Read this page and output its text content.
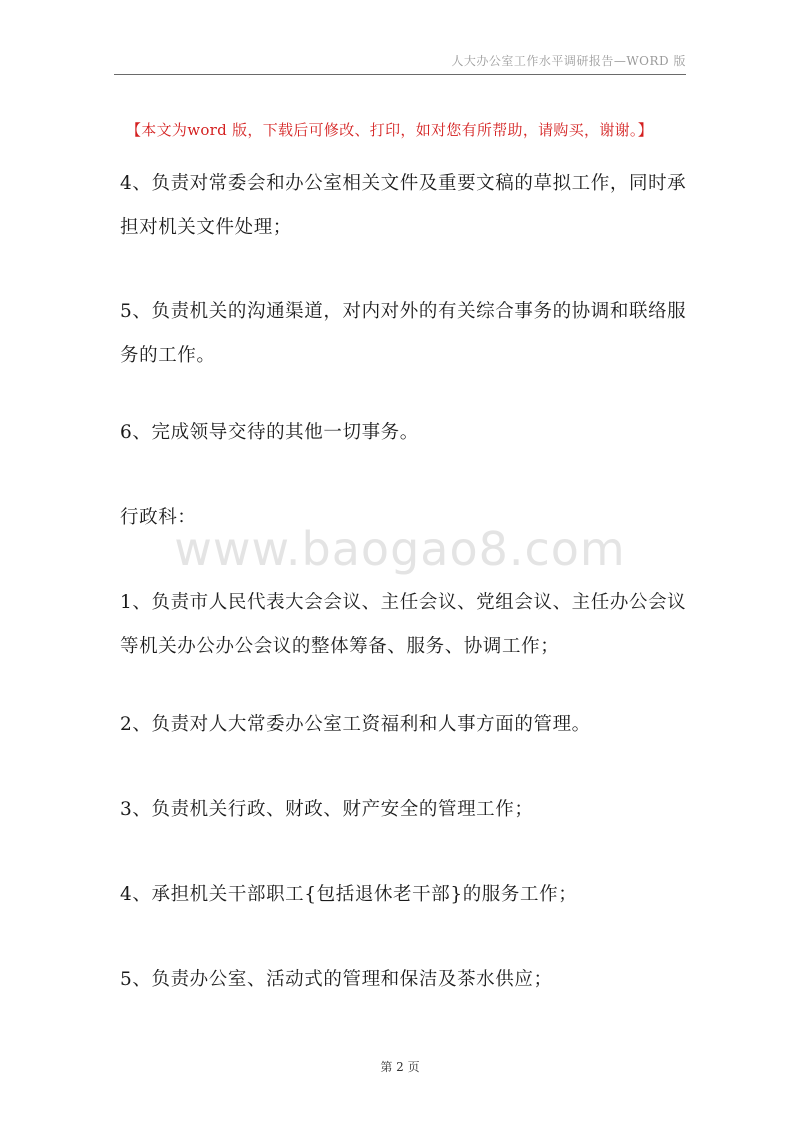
人大办公室工作水平调研报告—WORD 版
【本文为word 版，下载后可修改、打印，如对您有所帮助，请购买，谢谢。】
4、负责对常委会和办公室相关文件及重要文稿的草拟工作，同时承
担对机关文件处理；
5、负责机关的沟通渠道，对内对外的有关综合事务的协调和联络服
务的工作。
6、完成领导交待的其他一切事务。
行政科：
1、负责市人民代表大会会议、主任会议、党组会议、主任办公会议
等机关办公办公会议的整体筹备、服务、协调工作；
2、负责对人大常委办公室工资福利和人事方面的管理。
3、负责机关行政、财政、财产安全的管理工作；
4、承担机关干部职工{包括退休老干部}的服务工作；
5、负责办公室、活动式的管理和保洁及茶水供应；
www.baogao8.com
第 2 页
